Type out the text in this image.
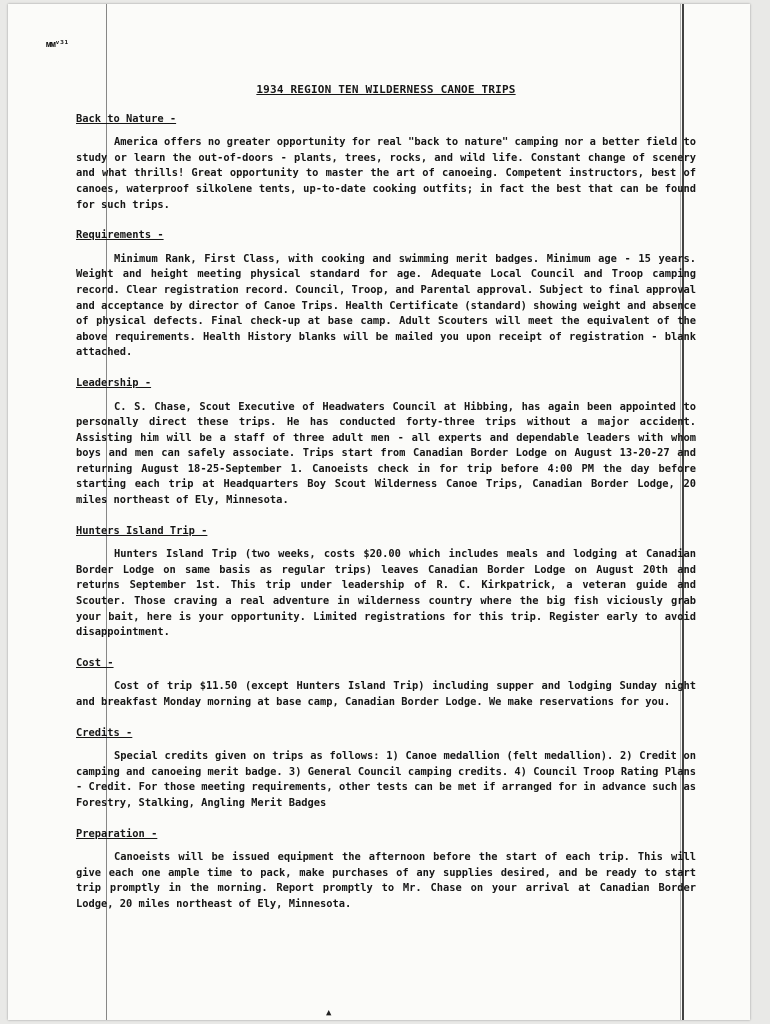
ᴍᴍᵛ³¹
1934 REGION TEN WILDERNESS CANOE TRIPS
Back to Nature -

America offers no greater opportunity for real "back to nature" camping nor a better field to study or learn the out-of-doors - plants, trees, rocks, and wild life. Constant change of scenery and what thrills! Great opportunity to master the art of canoeing. Competent instructors, best of canoes, waterproof silkolene tents, up-to-date cooking outfits; in fact the best that can be found for such trips.

Requirements -

Minimum Rank, First Class, with cooking and swimming merit badges. Minimum age - 15 years. Weight and height meeting physical standard for age. Adequate Local Council and Troop camping record. Clear registration record. Council, Troop, and Parental approval. Subject to final approval and acceptance by director of Canoe Trips. Health Certificate (standard) showing weight and absence of physical defects. Final check-up at base camp. Adult Scouters will meet the equivalent of the above requirements. Health History blanks will be mailed you upon receipt of registration - blank attached.

Leadership -

C. S. Chase, Scout Executive of Headwaters Council at Hibbing, has again been appointed to personally direct these trips. He has conducted forty-three trips without a major accident. Assisting him will be a staff of three adult men - all experts and dependable leaders with whom boys and men can safely associate. Trips start from Canadian Border Lodge on August 13-20-27 and returning August 18-25-September 1. Canoeists check in for trip before 4:00 PM the day before starting each trip at Headquarters Boy Scout Wilderness Canoe Trips, Canadian Border Lodge, 20 miles northeast of Ely, Minnesota.

Hunters Island Trip -

Hunters Island Trip (two weeks, costs $20.00 which includes meals and lodging at Canadian Border Lodge on same basis as regular trips) leaves Canadian Border Lodge on August 20th and returns September 1st. This trip under leadership of R. C. Kirkpatrick, a veteran guide and Scouter. Those craving a real adventure in wilderness country where the big fish viciously grab your bait, here is your opportunity. Limited registrations for this trip. Register early to avoid disappointment.

Cost -

Cost of trip $11.50 (except Hunters Island Trip) including supper and lodging Sunday night and breakfast Monday morning at base camp, Canadian Border Lodge. We make reservations for you.

Credits -

Special credits given on trips as follows: 1) Canoe medallion (felt medallion). 2) Credit on camping and canoeing merit badge. 3) General Council camping credits. 4) Council Troop Rating Plans - Credit. For those meeting requirements, other tests can be met if arranged for in advance such as Forestry, Stalking, Angling Merit Badges

Preparation -

Canoeists will be issued equipment the afternoon before the start of each trip. This will give each one ample time to pack, make purchases of any supplies desired, and be ready to start trip promptly in the morning. Report promptly to Mr. Chase on your arrival at Canadian Border Lodge, 20 miles northeast of Ely, Minnesota.

▲
